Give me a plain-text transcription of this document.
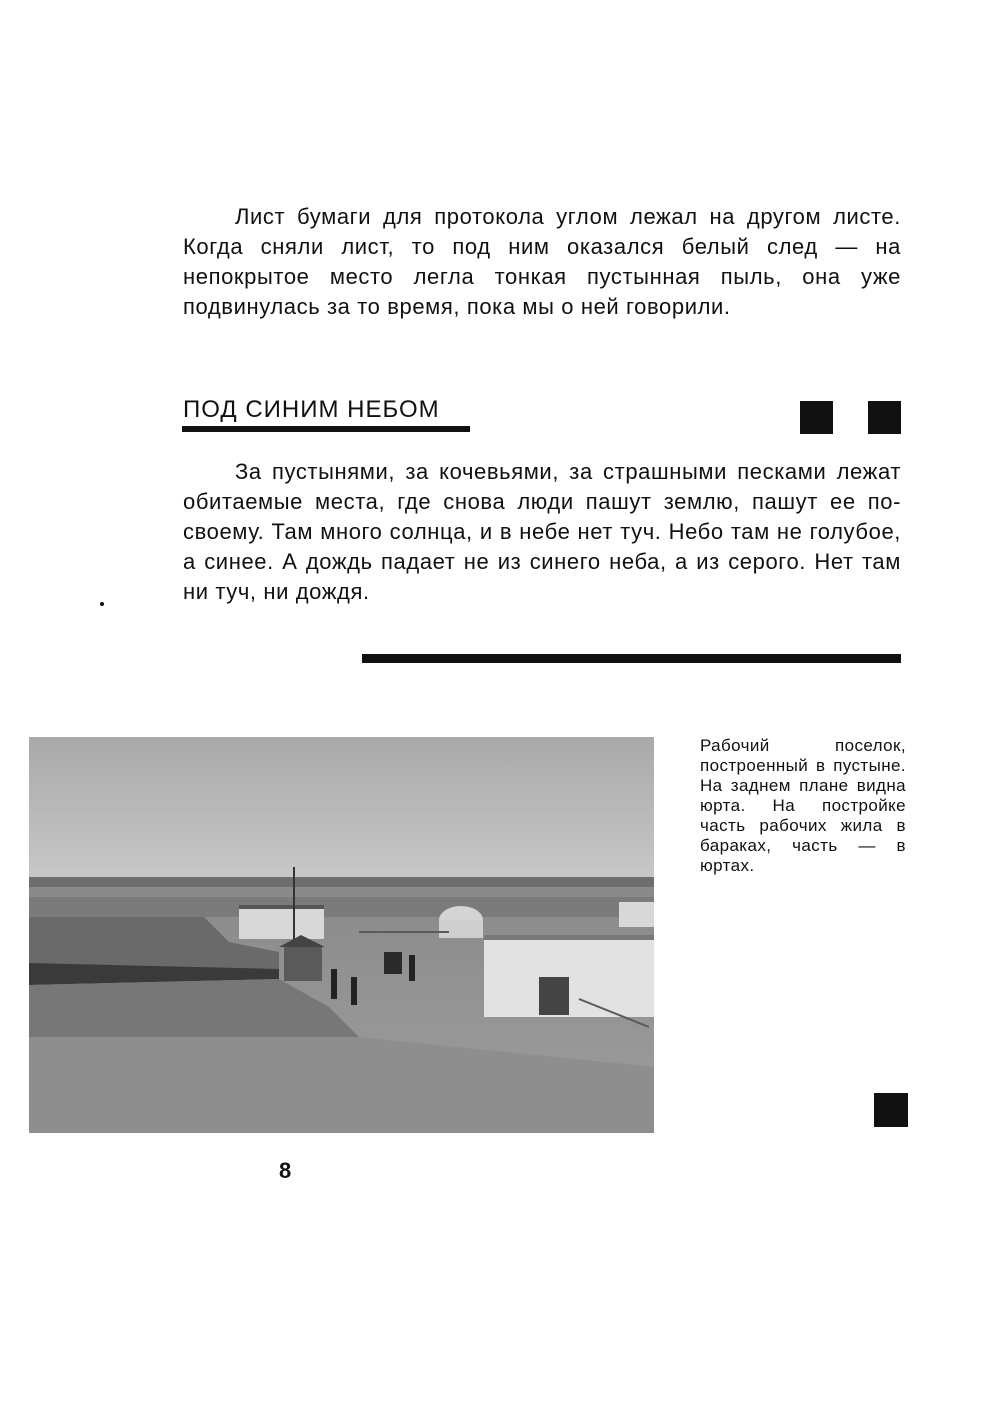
Лист бумаги для протокола углом лежал на другом листе. Когда сняли лист, то под ним оказался белый след — на непокрытое место легла тонкая пустынная пыль, она уже подвинулась за то время, пока мы о ней говорили.

ПОД СИНИМ НЕБОМ

За пустынями, за кочевьями, за страшными песками лежат обитаемые места, где снова люди пашут землю, пашут ее по-своему. Там много солнца, и в небе нет туч. Небо там не голубое, а синее. А дождь падает не из синего неба, а из серого. Нет там ни туч, ни дождя.

Рабочий поселок, построенный в пустыне. На заднем плане видна юрта. На постройке часть рабочих жила в бараках, часть — в юртах.

8
